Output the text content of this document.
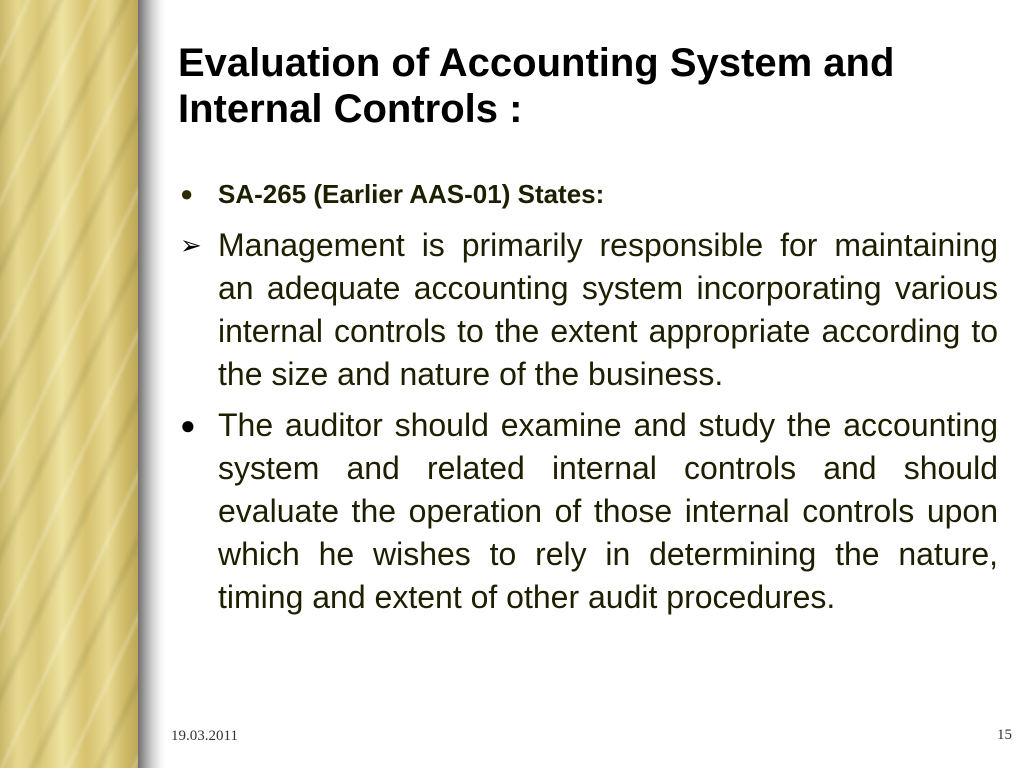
Evaluation of Accounting System and Internal Controls :
● SA-265 (Earlier AAS-01) States:
➢ Management is primarily responsible for maintaining an adequate accounting system incorporating various internal controls to the extent appropriate according to the size and nature of the business.
● The auditor should examine and study the accounting system and related internal controls and should evaluate the operation of those internal controls upon which he wishes to rely in determining the nature, timing and extent of other audit procedures.
19.03.2011	15
